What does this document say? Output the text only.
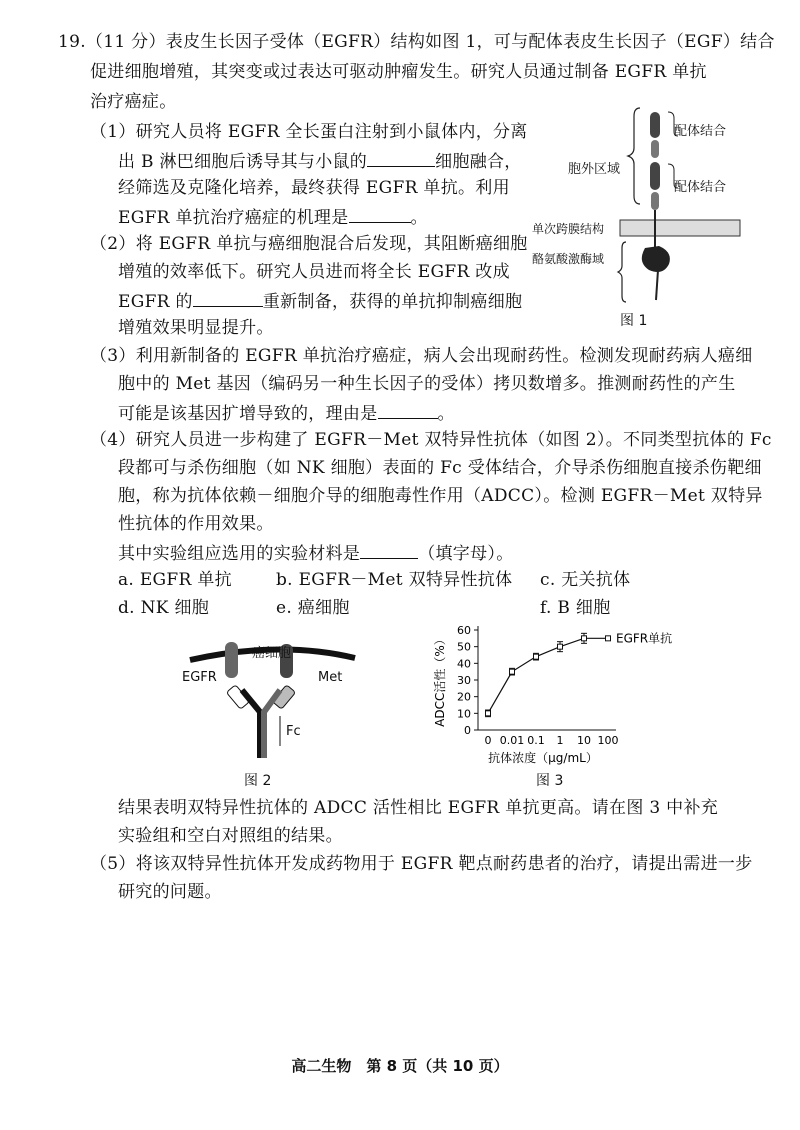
19.（11 分）表皮生长因子受体（EGFR）结构如图 1，可与配体表皮生长因子（EGF）结合
促进细胞增殖，其突变或过表达可驱动肿瘤发生。研究人员通过制备 EGFR 单抗
治疗癌症。
（1）研究人员将 EGFR 全长蛋白注射到小鼠体内，分离
出 B 淋巴细胞后诱导其与小鼠的	细胞融合，
经筛选及克隆化培养，最终获得 EGFR 单抗。利用
EGFR 单抗治疗癌症的机理是	。
（2）将 EGFR 单抗与癌细胞混合后发现，其阻断癌细胞
增殖的效率低下。研究人员进而将全长 EGFR 改成
EGFR 的	重新制备，获得的单抗抑制癌细胞
增殖效果明显提升。
（3）利用新制备的 EGFR 单抗治疗癌症，病人会出现耐药性。检测发现耐药病人癌细
胞中的 Met 基因（编码另一种生长因子的受体）拷贝数增多。推测耐药性的产生
可能是该基因扩增导致的，理由是	。
（4）研究人员进一步构建了 EGFR－Met 双特异性抗体（如图 2）。不同类型抗体的 Fc
段都可与杀伤细胞（如 NK 细胞）表面的 Fc 受体结合，介导杀伤细胞直接杀伤靶细
胞，称为抗体依赖－细胞介导的细胞毒性作用（ADCC）。检测 EGFR－Met 双特异
性抗体的作用效果。
其中实验组应选用的实验材料是	（填字母）。
a. EGFR 单抗	b. EGFR－Met 双特异性抗体 c. 无关抗体
d. NK 细胞	e. 癌细胞	f. B 细胞
配体结合
配体结合
胞外区域
单次跨膜结构
酪氨酸激酶域
图 1
癌细胞
EGFR	Met
Fc
图 2
0
10
20
30
40
50
60
0 0.01 0.1 1 10 100
ADCC活性（%）
抗体浓度（μg/mL）
EGFR单抗
图 3
结果表明双特异性抗体的 ADCC 活性相比 EGFR 单抗更高。请在图 3 中补充
实验组和空白对照组的结果。
（5）将该双特异性抗体开发成药物用于 EGFR 靶点耐药患者的治疗，请提出需进一步
研究的问题。
高二生物　第 8 页（共 10 页）
